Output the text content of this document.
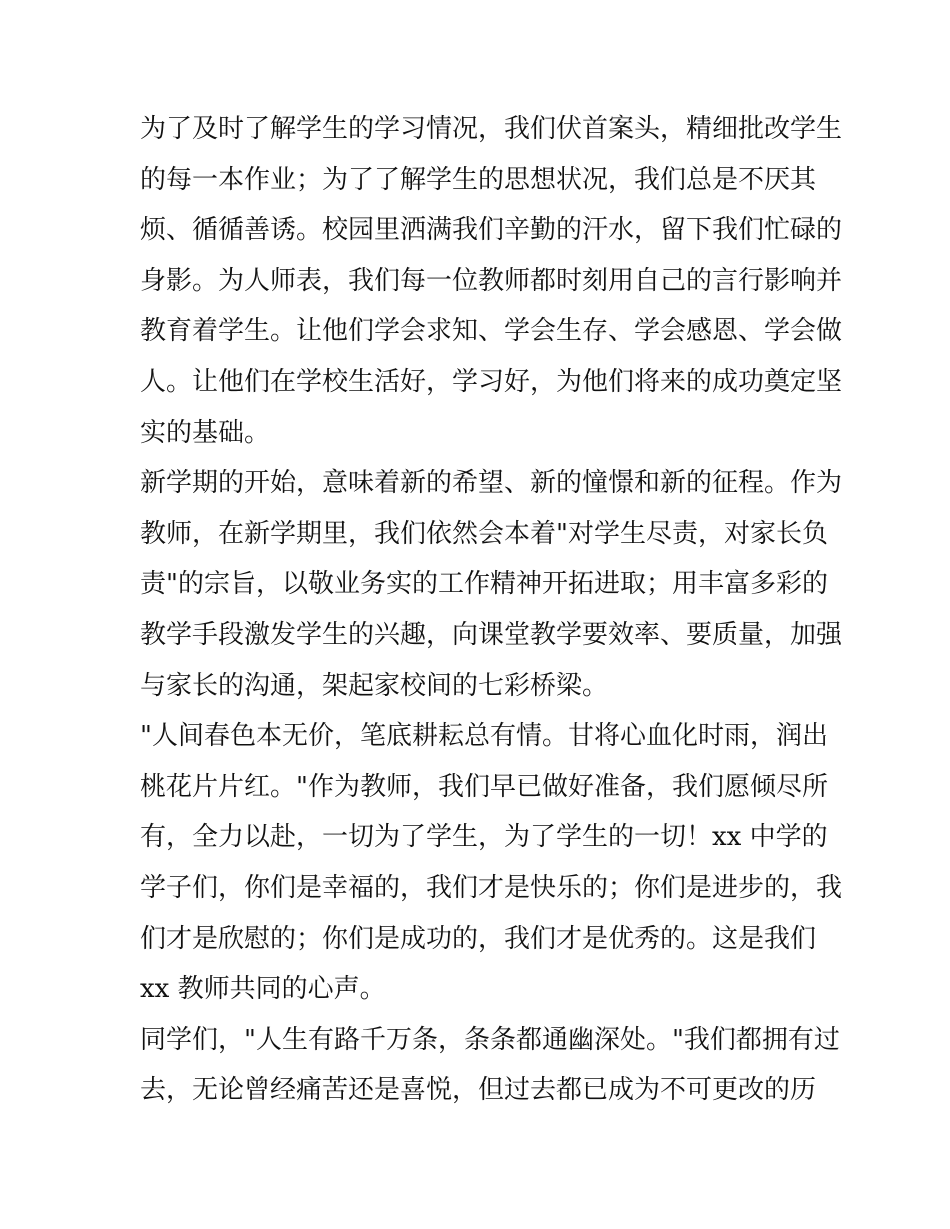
为了及时了解学生的学习情况，我们伏首案头，精细批改学生
的每一本作业；为了了解学生的思想状况，我们总是不厌其
烦、循循善诱。校园里洒满我们辛勤的汗水，留下我们忙碌的
身影。为人师表，我们每一位教师都时刻用自己的言行影响并
教育着学生。让他们学会求知、学会生存、学会感恩、学会做
人。让他们在学校生活好，学习好，为他们将来的成功奠定坚
实的基础。
新学期的开始，意味着新的希望、新的憧憬和新的征程。作为
教师，在新学期里，我们依然会本着"对学生尽责，对家长负
责"的宗旨，以敬业务实的工作精神开拓进取；用丰富多彩的
教学手段激发学生的兴趣，向课堂教学要效率、要质量，加强
与家长的沟通，架起家校间的七彩桥梁。
"人间春色本无价，笔底耕耘总有情。甘将心血化时雨，润出
桃花片片红。"作为教师，我们早已做好准备，我们愿倾尽所
有，全力以赴，一切为了学生，为了学生的一切！xx 中学的
学子们，你们是幸福的，我们才是快乐的；你们是进步的，我
们才是欣慰的；你们是成功的，我们才是优秀的。这是我们
xx 教师共同的心声。
同学们，"人生有路千万条，条条都通幽深处。"我们都拥有过
去，无论曾经痛苦还是喜悦，但过去都已成为不可更改的历
